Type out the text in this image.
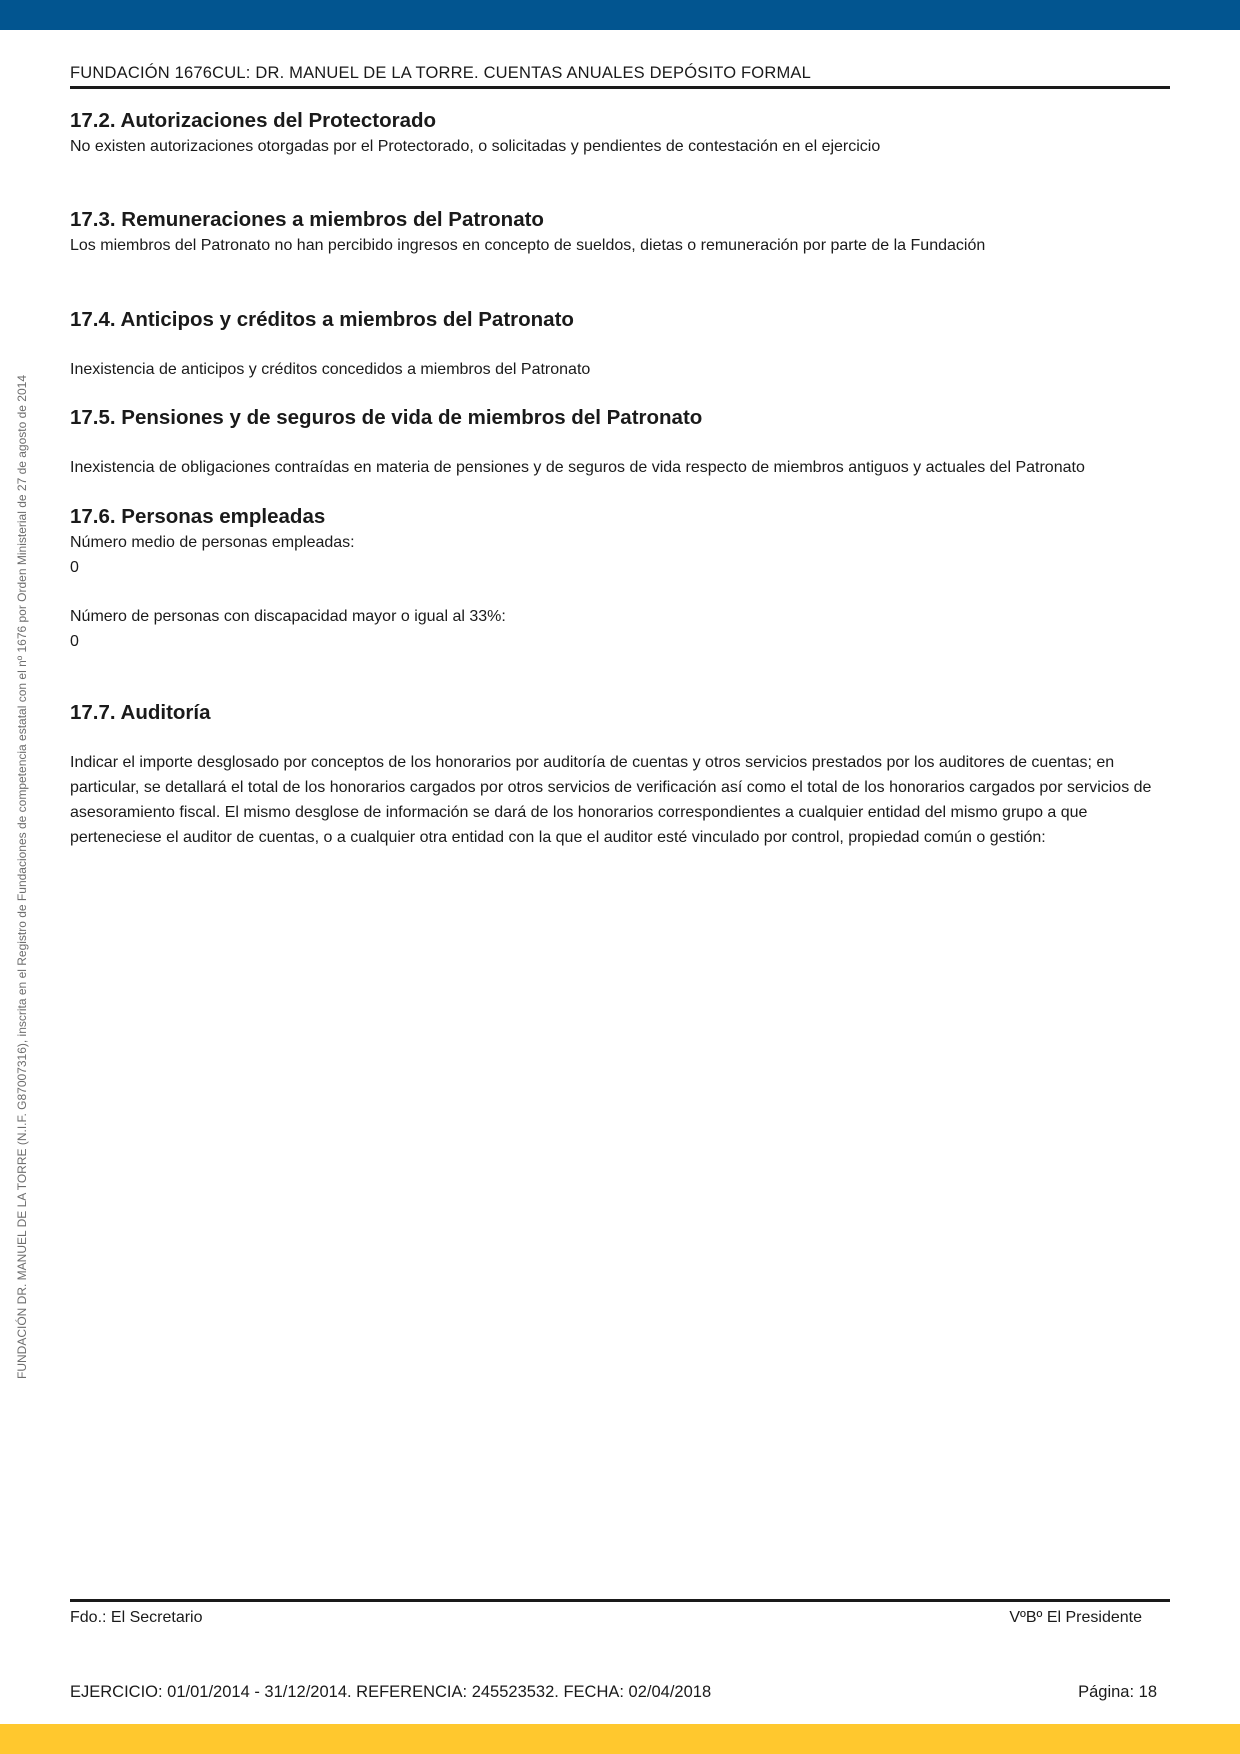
FUNDACIÓN DR. MANUEL DE LA TORRE (N.I.F. G87007316), inscrita en el Registro de Fundaciones de competencia estatal con el nº 1676 por Orden Ministerial de 27 de agosto de 2014
FUNDACIÓN 1676CUL: DR. MANUEL DE LA TORRE. CUENTAS ANUALES DEPÓSITO FORMAL
17.2. Autorizaciones del Protectorado

No existen autorizaciones otorgadas por el Protectorado, o solicitadas y pendientes de contestación en el ejercicio

17.3. Remuneraciones a miembros del Patronato

Los miembros del Patronato no han percibido ingresos en concepto de sueldos, dietas o remuneración por parte de la Fundación

17.4. Anticipos y créditos a miembros del Patronato

Inexistencia de anticipos y créditos concedidos a miembros del Patronato

17.5. Pensiones y de seguros de vida de miembros del Patronato

Inexistencia de obligaciones contraídas en materia de pensiones y de seguros de vida respecto de miembros antiguos y actuales del Patronato

17.6. Personas empleadas

Número medio de personas empleadas:

0

Número de personas con discapacidad mayor o igual al 33%:

0

17.7. Auditoría

Indicar el importe desglosado por conceptos de los honorarios por auditoría de cuentas y otros servicios prestados por los auditores de cuentas; en particular, se detallará el total de los honorarios cargados por otros servicios de verificación así como el total de los honorarios cargados por servicios de asesoramiento fiscal. El mismo desglose de información se dará de los honorarios correspondientes a cualquier entidad del mismo grupo a que perteneciese el auditor de cuentas, o a cualquier otra entidad con la que el auditor esté vinculado por control, propiedad común o gestión:

Fdo.: El Secretario	VºBº El Presidente
EJERCICIO: 01/01/2014 - 31/12/2014. REFERENCIA: 245523532. FECHA: 02/04/2018	Página: 18
